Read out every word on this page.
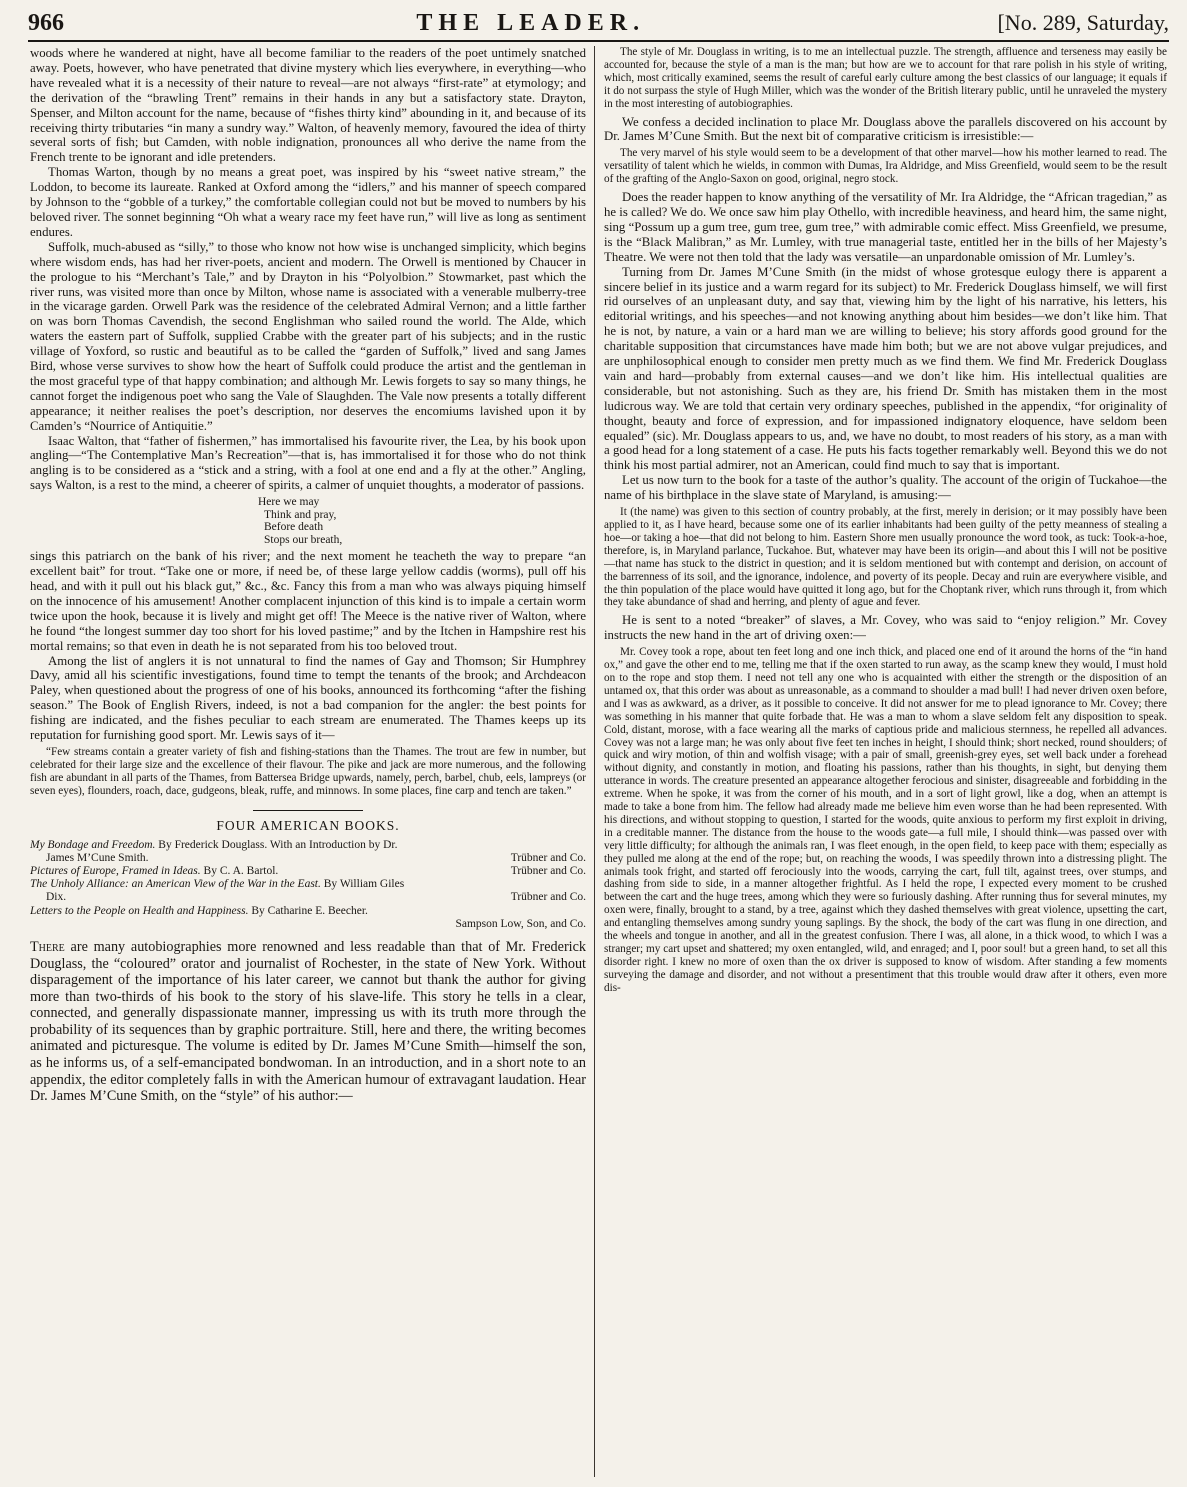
966	THE LEADER.	[No. 289, Saturday,

woods where he wandered at night, have all become familiar to the readers of the poet untimely snatched away. Poets, however, who have penetrated that divine mystery which lies everywhere, in everything—who have revealed what it is a necessity of their nature to reveal—are not always “first-rate” at etymology; and the derivation of the “brawling Trent” remains in their hands in any but a satisfactory state. Drayton, Spenser, and Milton account for the name, because of “fishes thirty kind” abounding in it, and because of its receiving thirty tributaries “in many a sundry way.” Walton, of heavenly memory, favoured the idea of thirty several sorts of fish; but Camden, with noble indignation, pronounces all who derive the name from the French trente to be ignorant and idle pretenders.

Thomas Warton, though by no means a great poet, was inspired by his “sweet native stream,” the Loddon, to become its laureate. Ranked at Oxford among the “idlers,” and his manner of speech compared by Johnson to the “gobble of a turkey,” the comfortable collegian could not but be moved to numbers by his beloved river. The sonnet beginning “Oh what a weary race my feet have run,” will live as long as sentiment endures.

Suffolk, much-abused as “silly,” to those who know not how wise is unchanged simplicity, which begins where wisdom ends, has had her river-poets, ancient and modern. The Orwell is mentioned by Chaucer in the prologue to his “Merchant’s Tale,” and by Drayton in his “Polyolbion.” Stowmarket, past which the river runs, was visited more than once by Milton, whose name is associated with a venerable mulberry-tree in the vicarage garden. Orwell Park was the residence of the celebrated Admiral Vernon; and a little farther on was born Thomas Cavendish, the second Englishman who sailed round the world. The Alde, which waters the eastern part of Suffolk, supplied Crabbe with the greater part of his subjects; and in the rustic village of Yoxford, so rustic and beautiful as to be called the “garden of Suffolk,” lived and sang James Bird, whose verse survives to show how the heart of Suffolk could produce the artist and the gentleman in the most graceful type of that happy combination; and although Mr. Lewis forgets to say so many things, he cannot forget the indigenous poet who sang the Vale of Slaughden. The Vale now presents a totally different appearance; it neither realises the poet’s description, nor deserves the encomiums lavished upon it by Camden’s “Nourrice of Antiquitie.”

Isaac Walton, that “father of fishermen,” has immortalised his favourite river, the Lea, by his book upon angling—“The Contemplative Man’s Recreation”—that is, has immortalised it for those who do not think angling is to be considered as a “stick and a string, with a fool at one end and a fly at the other.” Angling, says Walton, is a rest to the mind, a cheerer of spirits, a calmer of unquiet thoughts, a moderator of passions.

Here we may
Think and pray,
Before death
Stops our breath,

sings this patriarch on the bank of his river; and the next moment he teacheth the way to prepare “an excellent bait” for trout. “Take one or more, if need be, of these large yellow caddis (worms), pull off his head, and with it pull out his black gut,” &c., &c. Fancy this from a man who was always piquing himself on the innocence of his amusement! Another complacent injunction of this kind is to impale a certain worm twice upon the hook, because it is lively and might get off! The Meece is the native river of Walton, where he found “the longest summer day too short for his loved pastime;” and by the Itchen in Hampshire rest his mortal remains; so that even in death he is not separated from his too beloved trout.

Among the list of anglers it is not unnatural to find the names of Gay and Thomson; Sir Humphrey Davy, amid all his scientific investigations, found time to tempt the tenants of the brook; and Archdeacon Paley, when questioned about the progress of one of his books, announced its forthcoming “after the fishing season.” The Book of English Rivers, indeed, is not a bad companion for the angler: the best points for fishing are indicated, and the fishes peculiar to each stream are enumerated. The Thames keeps up its reputation for furnishing good sport. Mr. Lewis says of it—

“Few streams contain a greater variety of fish and fishing-stations than the Thames. The trout are few in number, but celebrated for their large size and the excellence of their flavour. The pike and jack are more numerous, and the following fish are abundant in all parts of the Thames, from Battersea Bridge upwards, namely, perch, barbel, chub, eels, lampreys (or seven eyes), flounders, roach, dace, gudgeons, bleak, ruffe, and minnows. In some places, fine carp and tench are taken.”

FOUR AMERICAN BOOKS.
My Bondage and Freedom. By Frederick Douglass. With an Introduction by Dr.
James M’Cune Smith.	Trübner and Co.
Pictures of Europe, Framed in Ideas. By C. A. Bartol.	Trübner and Co.
The Unholy Alliance: an American View of the War in the East. By William Giles
Dix.	Trübner and Co.
Letters to the People on Health and Happiness. By Catharine E. Beecher.
Sampson Low, Son, and Co.

There are many autobiographies more renowned and less readable than that of Mr. Frederick Douglass, the “coloured” orator and journalist of Rochester, in the state of New York. Without disparagement of the importance of his later career, we cannot but thank the author for giving more than two-thirds of his book to the story of his slave-life. This story he tells in a clear, connected, and generally dispassionate manner, impressing us with its truth more through the probability of its sequences than by graphic portraiture. Still, here and there, the writing becomes animated and picturesque. The volume is edited by Dr. James M’Cune Smith—himself the son, as he informs us, of a self-emancipated bondwoman. In an introduction, and in a short note to an appendix, the editor completely falls in with the American humour of extravagant laudation. Hear Dr. James M’Cune Smith, on the “style” of his author:—

The style of Mr. Douglass in writing, is to me an intellectual puzzle. The strength, affluence and terseness may easily be accounted for, because the style of a man is the man; but how are we to account for that rare polish in his style of writing, which, most critically examined, seems the result of careful early culture among the best classics of our language; it equals if it do not surpass the style of Hugh Miller, which was the wonder of the British literary public, until he unraveled the mystery in the most interesting of autobiographies.

We confess a decided inclination to place Mr. Douglass above the parallels discovered on his account by Dr. James M’Cune Smith. But the next bit of comparative criticism is irresistible:—

The very marvel of his style would seem to be a development of that other marvel—how his mother learned to read. The versatility of talent which he wields, in common with Dumas, Ira Aldridge, and Miss Greenfield, would seem to be the result of the grafting of the Anglo-Saxon on good, original, negro stock.

Does the reader happen to know anything of the versatility of Mr. Ira Aldridge, the “African tragedian,” as he is called? We do. We once saw him play Othello, with incredible heaviness, and heard him, the same night, sing “Possum up a gum tree, gum tree, gum tree,” with admirable comic effect. Miss Greenfield, we presume, is the “Black Malibran,” as Mr. Lumley, with true managerial taste, entitled her in the bills of her Majesty’s Theatre. We were not then told that the lady was versatile—an unpardonable omission of Mr. Lumley’s.

Turning from Dr. James M’Cune Smith (in the midst of whose grotesque eulogy there is apparent a sincere belief in its justice and a warm regard for its subject) to Mr. Frederick Douglass himself, we will first rid ourselves of an unpleasant duty, and say that, viewing him by the light of his narrative, his letters, his editorial writings, and his speeches—and not knowing anything about him besides—we don’t like him. That he is not, by nature, a vain or a hard man we are willing to believe; his story affords good ground for the charitable supposition that circumstances have made him both; but we are not above vulgar prejudices, and are unphilosophical enough to consider men pretty much as we find them. We find Mr. Frederick Douglass vain and hard—probably from external causes—and we don’t like him. His intellectual qualities are considerable, but not astonishing. Such as they are, his friend Dr. Smith has mistaken them in the most ludicrous way. We are told that certain very ordinary speeches, published in the appendix, “for originality of thought, beauty and force of expression, and for impassioned indignatory eloquence, have seldom been equaled” (sic). Mr. Douglass appears to us, and, we have no doubt, to most readers of his story, as a man with a good head for a long statement of a case. He puts his facts together remarkably well. Beyond this we do not think his most partial admirer, not an American, could find much to say that is important.

Let us now turn to the book for a taste of the author’s quality. The account of the origin of Tuckahoe—the name of his birthplace in the slave state of Maryland, is amusing:—

It (the name) was given to this section of country probably, at the first, merely in derision; or it may possibly have been applied to it, as I have heard, because some one of its earlier inhabitants had been guilty of the petty meanness of stealing a hoe—or taking a hoe—that did not belong to him. Eastern Shore men usually pronounce the word took, as tuck: Took-a-hoe, therefore, is, in Maryland parlance, Tuckahoe. But, whatever may have been its origin—and about this I will not be positive—that name has stuck to the district in question; and it is seldom mentioned but with contempt and derision, on account of the barrenness of its soil, and the ignorance, indolence, and poverty of its people. Decay and ruin are everywhere visible, and the thin population of the place would have quitted it long ago, but for the Choptank river, which runs through it, from which they take abundance of shad and herring, and plenty of ague and fever.

He is sent to a noted “breaker” of slaves, a Mr. Covey, who was said to “enjoy religion.” Mr. Covey instructs the new hand in the art of driving oxen:—

Mr. Covey took a rope, about ten feet long and one inch thick, and placed one end of it around the horns of the “in hand ox,” and gave the other end to me, telling me that if the oxen started to run away, as the scamp knew they would, I must hold on to the rope and stop them. I need not tell any one who is acquainted with either the strength or the disposition of an untamed ox, that this order was about as unreasonable, as a command to shoulder a mad bull! I had never driven oxen before, and I was as awkward, as a driver, as it possible to conceive. It did not answer for me to plead ignorance to Mr. Covey; there was something in his manner that quite forbade that. He was a man to whom a slave seldom felt any disposition to speak. Cold, distant, morose, with a face wearing all the marks of captious pride and malicious sternness, he repelled all advances. Covey was not a large man; he was only about five feet ten inches in height, I should think; short necked, round shoulders; of quick and wiry motion, of thin and wolfish visage; with a pair of small, greenish-grey eyes, set well back under a forehead without dignity, and constantly in motion, and floating his passions, rather than his thoughts, in sight, but denying them utterance in words. The creature presented an appearance altogether ferocious and sinister, disagreeable and forbidding in the extreme. When he spoke, it was from the corner of his mouth, and in a sort of light growl, like a dog, when an attempt is made to take a bone from him. The fellow had already made me believe him even worse than he had been represented. With his directions, and without stopping to question, I started for the woods, quite anxious to perform my first exploit in driving, in a creditable manner. The distance from the house to the woods gate—a full mile, I should think—was passed over with very little difficulty; for although the animals ran, I was fleet enough, in the open field, to keep pace with them; especially as they pulled me along at the end of the rope; but, on reaching the woods, I was speedily thrown into a distressing plight. The animals took fright, and started off ferociously into the woods, carrying the cart, full tilt, against trees, over stumps, and dashing from side to side, in a manner altogether frightful. As I held the rope, I expected every moment to be crushed between the cart and the huge trees, among which they were so furiously dashing. After running thus for several minutes, my oxen were, finally, brought to a stand, by a tree, against which they dashed themselves with great violence, upsetting the cart, and entangling themselves among sundry young saplings. By the shock, the body of the cart was flung in one direction, and the wheels and tongue in another, and all in the greatest confusion. There I was, all alone, in a thick wood, to which I was a stranger; my cart upset and shattered; my oxen entangled, wild, and enraged; and I, poor soul! but a green hand, to set all this disorder right. I knew no more of oxen than the ox driver is supposed to know of wisdom. After standing a few moments surveying the damage and disorder, and not without a presentiment that this trouble would draw after it others, even more dis-
